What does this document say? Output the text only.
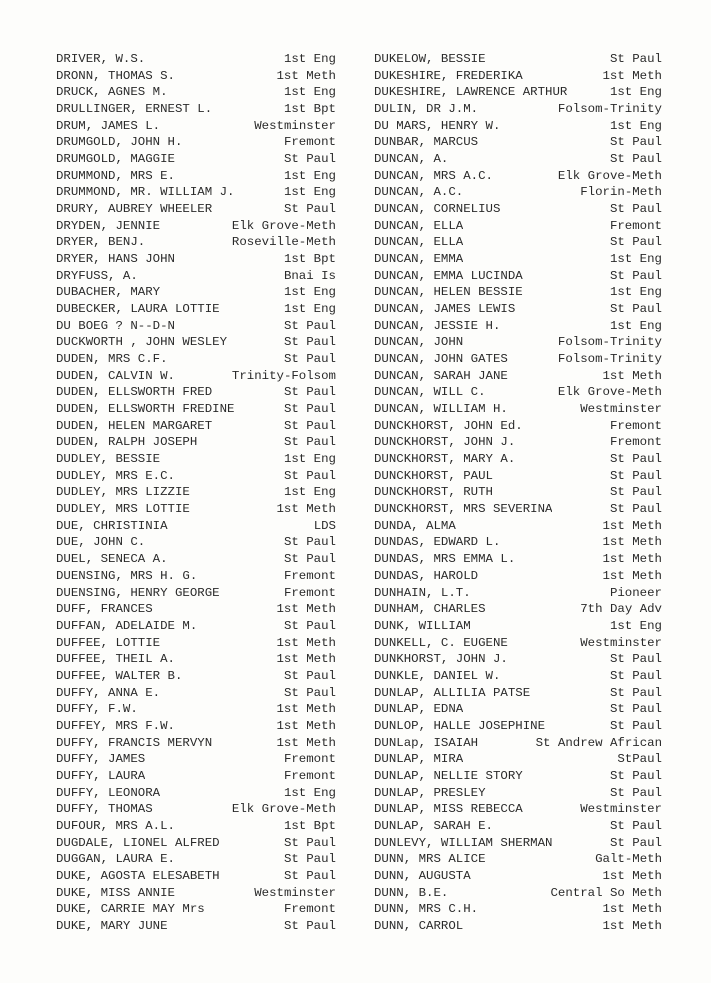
DRIVER, W.S.	1st Eng
DRONN, THOMAS S.	1st Meth
DRUCK, AGNES M.	1st Eng
DRULLINGER, ERNEST L.	1st Bpt
DRUM, JAMES L.	Westminster
DRUMGOLD, JOHN H.	Fremont
DRUMGOLD, MAGGIE	St Paul
DRUMMOND, MRS E.	1st Eng
DRUMMOND, MR. WILLIAM J.	1st Eng
DRURY, AUBREY WHEELER	St Paul
DRYDEN, JENNIE	Elk Grove-Meth
DRYER, BENJ.	Roseville-Meth
DRYER, HANS JOHN	1st Bpt
DRYFUSS, A.	Bnai Is
DUBACHER, MARY	1st Eng
DUBECKER, LAURA LOTTIE	1st Eng
DU BOEG ? N--D-N	St Paul
DUCKWORTH , JOHN WESLEY	St Paul
DUDEN, MRS C.F.	St Paul
DUDEN, CALVIN W.	Trinity-Folsom
DUDEN, ELLSWORTH FRED	St Paul
DUDEN, ELLSWORTH FREDINE	St Paul
DUDEN, HELEN MARGARET	St Paul
DUDEN, RALPH JOSEPH	St Paul
DUDLEY, BESSIE	1st Eng
DUDLEY, MRS E.C.	St Paul
DUDLEY, MRS LIZZIE	1st Eng
DUDLEY, MRS LOTTIE	1st Meth
DUE, CHRISTINIA	LDS
DUE, JOHN C.	St Paul
DUEL, SENECA A.	St Paul
DUENSING, MRS H. G.	Fremont
DUENSING, HENRY GEORGE	Fremont
DUFF, FRANCES	1st Meth
DUFFAN, ADELAIDE M.	St Paul
DUFFEE, LOTTIE	1st Meth
DUFFEE, THEIL A.	1st Meth
DUFFEE, WALTER B.	St Paul
DUFFY, ANNA E.	St Paul
DUFFY, F.W.	1st Meth
DUFFEY, MRS F.W.	1st Meth
DUFFY, FRANCIS MERVYN	1st Meth
DUFFY, JAMES	Fremont
DUFFY, LAURA	Fremont
DUFFY, LEONORA	1st Eng
DUFFY, THOMAS	Elk Grove-Meth
DUFOUR, MRS A.L.	1st Bpt
DUGDALE, LIONEL ALFRED	St Paul
DUGGAN, LAURA E.	St Paul
DUKE, AGOSTA ELESABETH	St Paul
DUKE, MISS ANNIE	Westminster
DUKE, CARRIE MAY Mrs	Fremont
DUKE, MARY JUNE	St Paul
DUKELOW, BESSIE	St Paul
DUKESHIRE, FREDERIKA	1st Meth
DUKESHIRE, LAWRENCE ARTHUR	1st Eng
DULIN, DR J.M.	Folsom-Trinity
DU MARS, HENRY W.	1st Eng
DUNBAR, MARCUS	St Paul
DUNCAN, A.	St Paul
DUNCAN, MRS A.C.	Elk Grove-Meth
DUNCAN, A.C.	Florin-Meth
DUNCAN, CORNELIUS	St Paul
DUNCAN, ELLA	Fremont
DUNCAN, ELLA	St Paul
DUNCAN, EMMA	1st Eng
DUNCAN, EMMA LUCINDA	St Paul
DUNCAN, HELEN BESSIE	1st Eng
DUNCAN, JAMES LEWIS	St Paul
DUNCAN, JESSIE H.	1st Eng
DUNCAN, JOHN	Folsom-Trinity
DUNCAN, JOHN GATES	Folsom-Trinity
DUNCAN, SARAH JANE	1st Meth
DUNCAN, WILL C.	Elk Grove-Meth
DUNCAN, WILLIAM H.	Westminster
DUNCKHORST, JOHN Ed.	Fremont
DUNCKHORST, JOHN J.	Fremont
DUNCKHORST, MARY A.	St Paul
DUNCKHORST, PAUL	St Paul
DUNCKHORST, RUTH	St Paul
DUNCKHORST, MRS SEVERINA	St Paul
DUNDA, ALMA	1st Meth
DUNDAS, EDWARD L.	1st Meth
DUNDAS, MRS EMMA L.	1st Meth
DUNDAS, HAROLD	1st Meth
DUNHAIN, L.T.	Pioneer
DUNHAM, CHARLES	7th Day Adv
DUNK, WILLIAM	1st Eng
DUNKELL, C. EUGENE	Westminster
DUNKHORST, JOHN J.	St Paul
DUNKLE, DANIEL W.	St Paul
DUNLAP, ALLILIA PATSE	St Paul
DUNLAP, EDNA	St Paul
DUNLOP, HALLE JOSEPHINE	St Paul
DUNLap, ISAIAH	St Andrew African
DUNLAP, MIRA	StPaul
DUNLAP, NELLIE STORY	St Paul
DUNLAP, PRESLEY	St Paul
DUNLAP, MISS REBECCA	Westminster
DUNLAP, SARAH E.	St Paul
DUNLEVY, WILLIAM SHERMAN	St Paul
DUNN, MRS ALICE	Galt-Meth
DUNN, AUGUSTA	1st Meth
DUNN, B.E.	Central So Meth
DUNN, MRS C.H.	1st Meth
DUNN, CARROL	1st Meth
